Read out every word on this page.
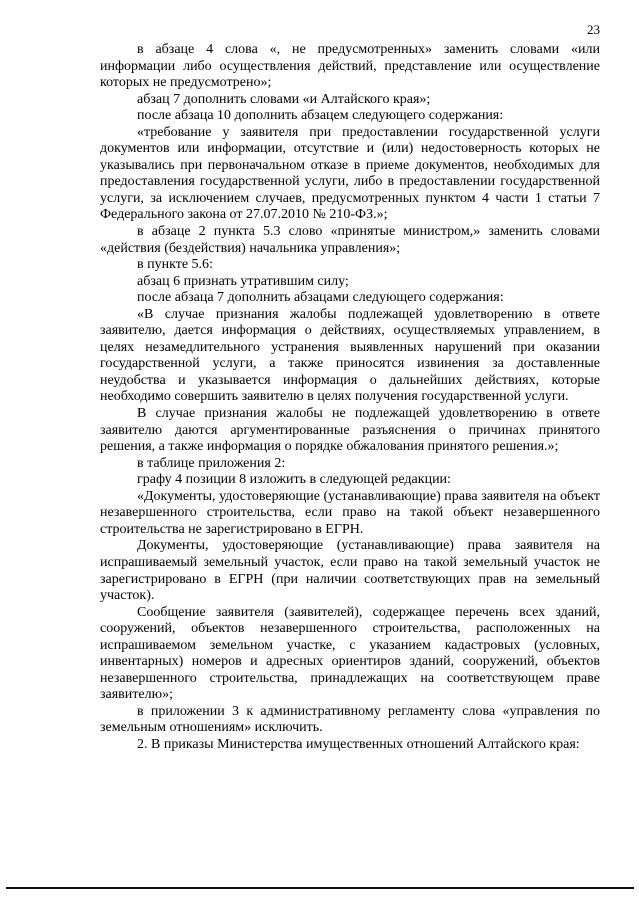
23

в абзаце 4 слова «, не предусмотренных» заменить словами «или информации либо осуществления действий, представление или осуществление которых не предусмотрено»;

абзац 7 дополнить словами «и Алтайского края»;

после абзаца 10 дополнить абзацем следующего содержания:

«требование у заявителя при предоставлении государственной услуги документов или информации, отсутствие и (или) недостоверность которых не указывались при первоначальном отказе в приеме документов, необходимых для предоставления государственной услуги, либо в предоставлении государственной услуги, за исключением случаев, предусмотренных пунктом 4 части 1 статьи 7 Федерального закона от 27.07.2010 № 210-ФЗ.»;

в абзаце 2 пункта 5.3 слово «принятые министром,» заменить словами «действия (бездействия) начальника управления»;

в пункте 5.6:

абзац 6 признать утратившим силу;

после абзаца 7 дополнить абзацами следующего содержания:

«В случае признания жалобы подлежащей удовлетворению в ответе заявителю, дается информация о действиях, осуществляемых управлением, в целях незамедлительного устранения выявленных нарушений при оказании государственной услуги, а также приносятся извинения за доставленные неудобства и указывается информация о дальнейших действиях, которые необходимо совершить заявителю в целях получения государственной услуги.

В случае признания жалобы не подлежащей удовлетворению в ответе заявителю даются аргументированные разъяснения о причинах принятого решения, а также информация о порядке обжалования принятого решения.»;

в таблице приложения 2:

графу 4 позиции 8 изложить в следующей редакции:

«Документы, удостоверяющие (устанавливающие) права заявителя на объект незавершенного строительства, если право на такой объект незавершенного строительства не зарегистрировано в ЕГРН.

Документы, удостоверяющие (устанавливающие) права заявителя на испрашиваемый земельный участок, если право на такой земельный участок не зарегистрировано в ЕГРН (при наличии соответствующих прав на земельный участок).

Сообщение заявителя (заявителей), содержащее перечень всех зданий, сооружений, объектов незавершенного строительства, расположенных на испрашиваемом земельном участке, с указанием кадастровых (условных, инвентарных) номеров и адресных ориентиров зданий, сооружений, объектов незавершенного строительства, принадлежащих на соответствующем праве заявителю»;

в приложении 3 к административному регламенту слова «управления по земельным отношениям» исключить.

2. В приказы Министерства имущественных отношений Алтайского края:
